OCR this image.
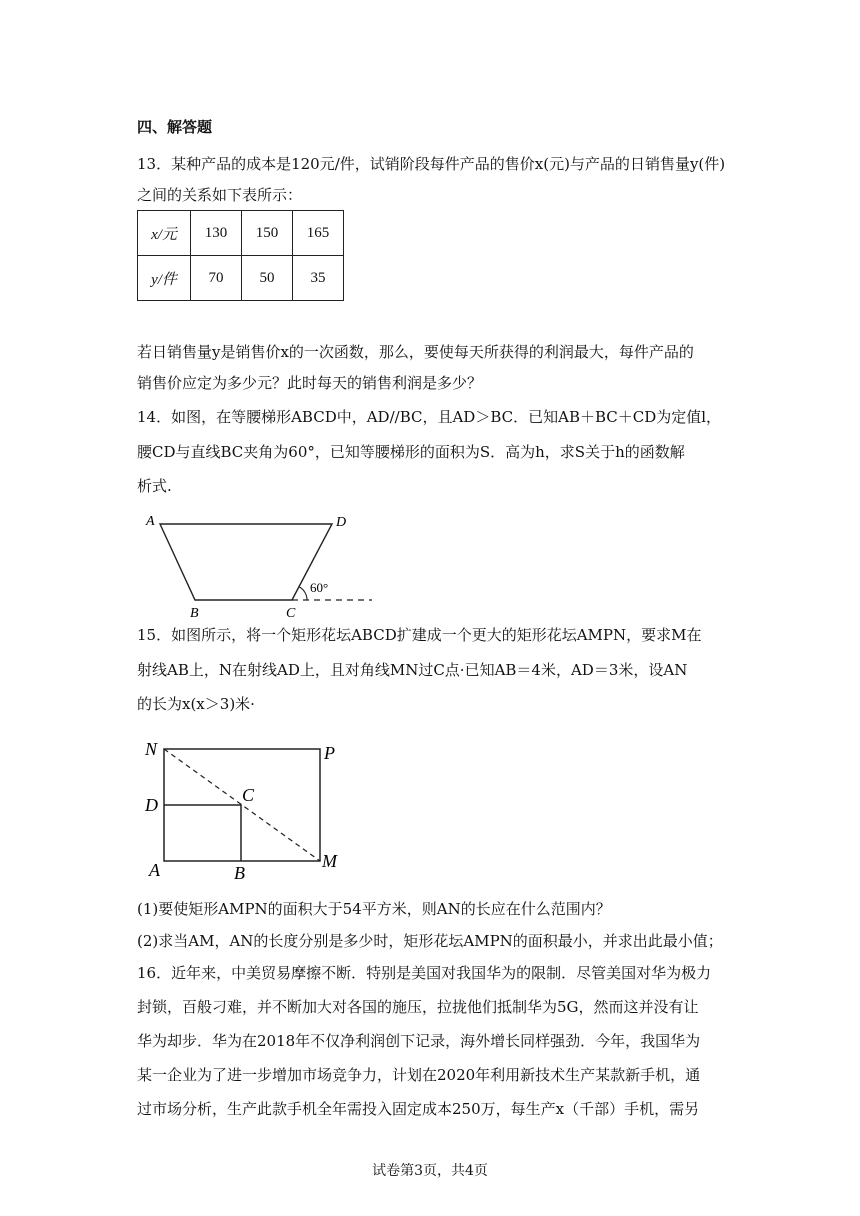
四、解答题
13．某种产品的成本是120元/件，试销阶段每件产品的售价x(元)与产品的日销售量y(件)
之间的关系如下表所示：
x/元	130	150	165
y/件	70	50	35
若日销售量y是销售价x的一次函数，那么，要使每天所获得的利润最大，每件产品的
销售价应定为多少元？此时每天的销售利润是多少？
14．如图，在等腰梯形ABCD中，AD//BC，且AD＞BC．已知AB＋BC＋CD为定值l，
腰CD与直线BC夹角为60°，已知等腰梯形的面积为S．高为h，求S关于h的函数解
析式.
A	D
B	C
60°
15．如图所示，将一个矩形花坛ABCD扩建成一个更大的矩形花坛AMPN，要求M在
射线AB上，N在射线AD上，且对角线MN过C点·已知AB＝4米，AD＝3米，设AN
的长为x(x＞3)米·
N	P
D	C
A	B
M
(1)要使矩形AMPN的面积大于54平方米，则AN的长应在什么范围内？
(2)求当AM，AN的长度分别是多少时，矩形花坛AMPN的面积最小，并求出此最小值；
16．近年来，中美贸易摩擦不断．特别是美国对我国华为的限制．尽管美国对华为极力
封锁，百般刁难，并不断加大对各国的施压，拉拢他们抵制华为5G，然而这并没有让
华为却步．华为在2018年不仅净利润创下记录，海外增长同样强劲．今年，我国华为
某一企业为了进一步增加市场竞争力，计划在2020年利用新技术生产某款新手机，通
过市场分析，生产此款手机全年需投入固定成本250万，每生产x（千部）手机，需另
试卷第3页，共4页
